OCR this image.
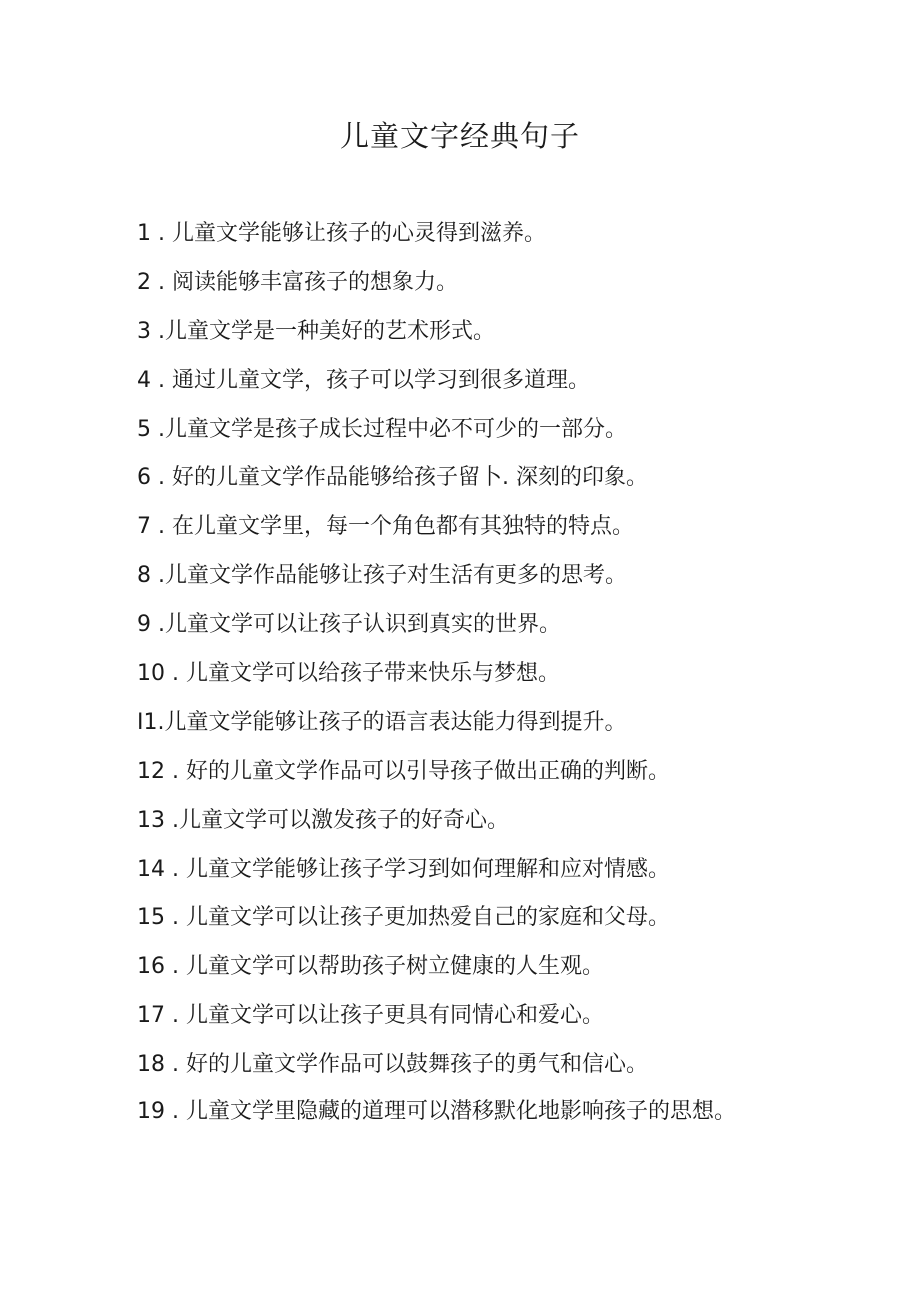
儿童文字经典句子
1 . 儿童文学能够让孩子的心灵得到滋养。
2 . 阅读能够丰富孩子的想象力。
3 .儿童文学是一种美好的艺术形式。
4 . 通过儿童文学，孩子可以学习到很多道理。
5 .儿童文学是孩子成长过程中必不可少的一部分。
6 . 好的儿童文学作品能够给孩子留卜. 深刻的印象。
7 . 在儿童文学里，每一个角色都有其独特的特点。
8 .儿童文学作品能够让孩子对生活有更多的思考。
9 .儿童文学可以让孩子认识到真实的世界。
10 . 儿童文学可以给孩子带来快乐与梦想。
I1.儿童文学能够让孩子的语言表达能力得到提升。
12 . 好的儿童文学作品可以引导孩子做出正确的判断。
13 .儿童文学可以激发孩子的好奇心。
14 . 儿童文学能够让孩子学习到如何理解和应对情感。
15 . 儿童文学可以让孩子更加热爱自己的家庭和父母。
16 . 儿童文学可以帮助孩子树立健康的人生观。
17 . 儿童文学可以让孩子更具有同情心和爱心。
18 . 好的儿童文学作品可以鼓舞孩子的勇气和信心。
19 . 儿童文学里隐藏的道理可以潜移默化地影响孩子的思想。
